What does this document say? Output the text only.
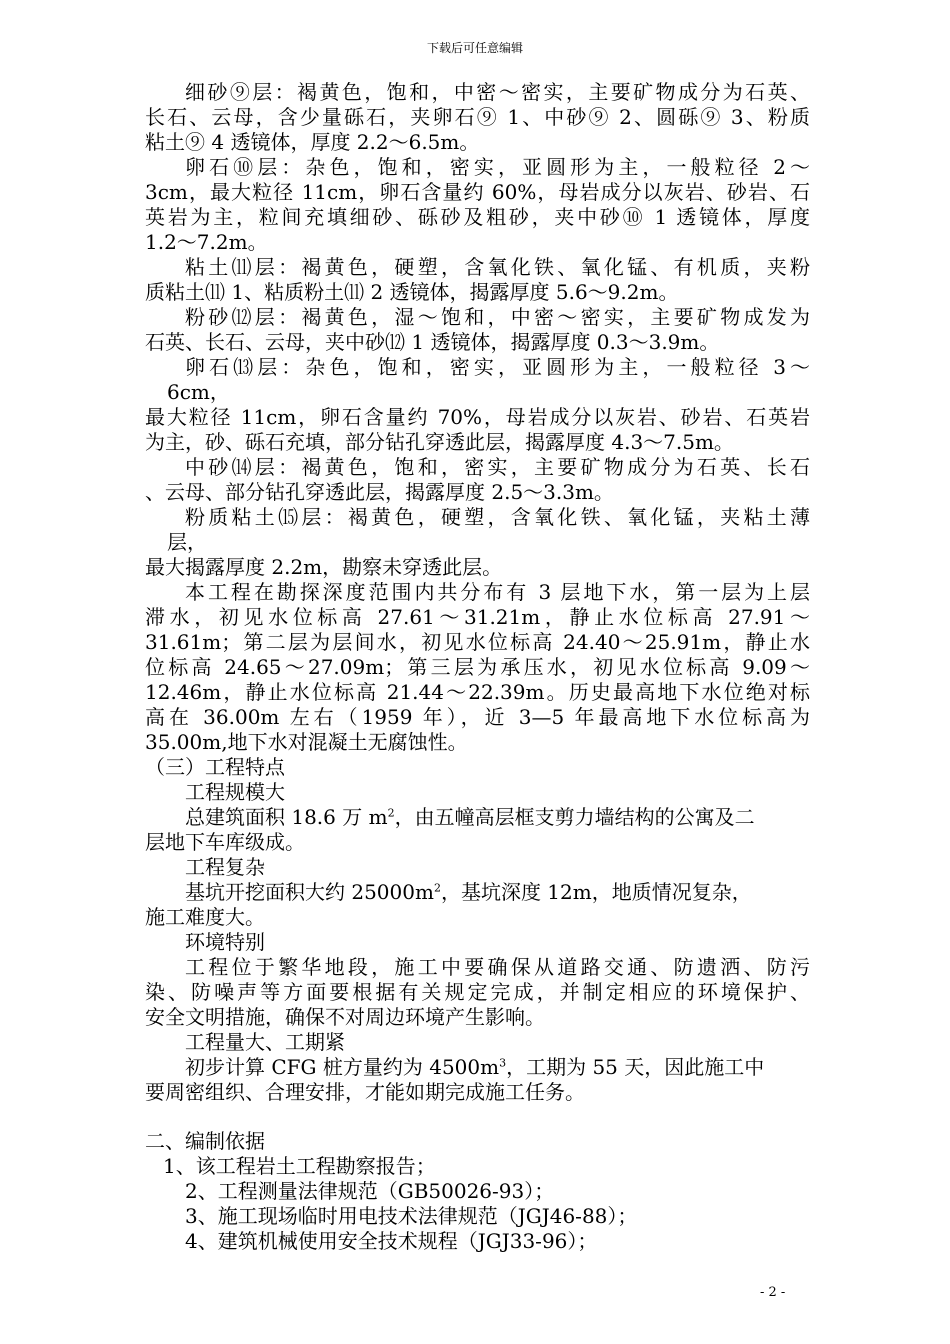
下载后可任意编辑
细砂⑨层：褐黄色，饱和，中密～密实，主要矿物成分为石英、
长石、云母，含少量砾石，夹卵石⑨ 1、中砂⑨ 2、圆砾⑨ 3、粉质
粘土⑨ 4 透镜体，厚度 2.2～6.5m。
卵石⑩层：杂色，饱和，密实，亚圆形为主，一般粒径 2～
3cm，最大粒径 11cm，卵石含量约 60%，母岩成分以灰岩、砂岩、石
英岩为主，粒间充填细砂、砾砂及粗砂，夹中砂⑩ 1 透镜体，厚度
1.2～7.2m。
粘土⑾层：褐黄色，硬塑，含氧化铁、氧化锰、有机质，夹粉
质粘土⑾ 1、粘质粉土⑾ 2 透镜体，揭露厚度 5.6～9.2m。
粉砂⑿层：褐黄色，湿～饱和，中密～密实，主要矿物成发为
石英、长石、云母，夹中砂⑿ 1 透镜体，揭露厚度 0.3～3.9m。
卵石⒀层：杂色，饱和，密实，亚圆形为主，一般粒径 3～
6cm，
最大粒径 11cm，卵石含量约 70%，母岩成分以灰岩、砂岩、石英岩
为主，砂、砾石充填，部分钻孔穿透此层，揭露厚度 4.3～7.5m。
中砂⒁层：褐黄色，饱和，密实，主要矿物成分为石英、长石
、云母、部分钻孔穿透此层，揭露厚度 2.5～3.3m。
粉质粘土⒂层：褐黄色，硬塑，含氧化铁、氧化锰，夹粘土薄
层，
最大揭露厚度 2.2m，勘察未穿透此层。
本工程在勘探深度范围内共分布有 3 层地下水，第一层为上层
滞水，初见水位标高 27.61～31.21m，静止水位标高 27.91～
31.61m；第二层为层间水，初见水位标高 24.40～25.91m，静止水
位标高 24.65～27.09m；第三层为承压水，初见水位标高 9.09～
12.46m，静止水位标高 21.44～22.39m。历史最高地下水位绝对标
高在 36.00m 左右（1959 年），近 3—5 年最高地下水位标高为
35.00m,地下水对混凝土无腐蚀性。
（三）工程特点
工程规模大
总建筑面积 18.6 万 $m^2$，由五幢高层框支剪力墙结构的公寓及二
层地下车库级成。
工程复杂
基坑开挖面积大约 $25000m^2$，基坑深度 12m，地质情况复杂，
施工难度大。
环境特别
工程位于繁华地段，施工中要确保从道路交通、防遗洒、防污
染、防噪声等方面要根据有关规定完成，并制定相应的环境保护、
安全文明措施，确保不对周边环境产生影响。
工程量大、工期紧
初步计算 CFG 桩方量约为 $4500m^3$，工期为 55 天，因此施工中
要周密组织、合理安排，才能如期完成施工任务。
二、编制依据
1、该工程岩土工程勘察报告；
2、工程测量法律规范（GB50026-93）；
3、施工现场临时用电技术法律规范（JGJ46-88）；
4、建筑机械使用安全技术规程（JGJ33-96）；
- 2 -
